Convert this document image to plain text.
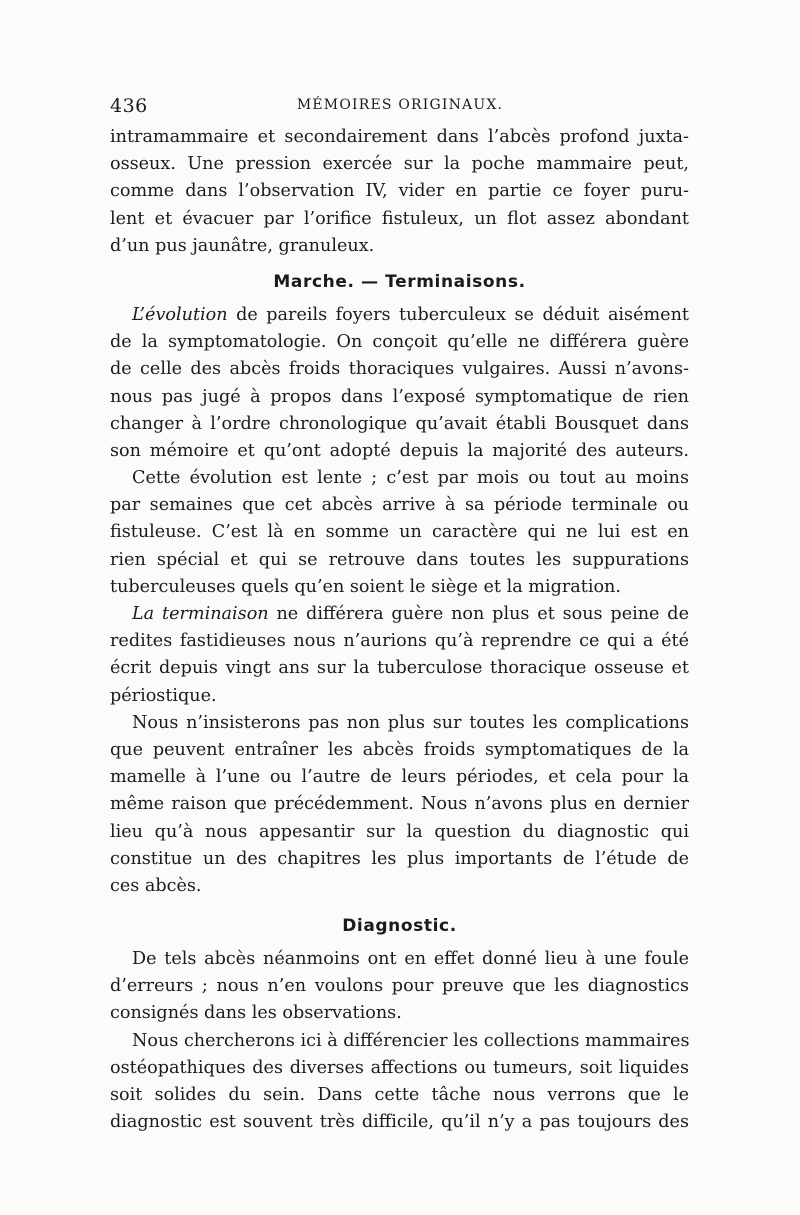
436	MÉMOIRES ORIGINAUX.
intramammaire et secondairement dans l’abcès profond juxta-
osseux. Une pression exercée sur la poche mammaire peut,
comme dans l’observation IV, vider en partie ce foyer puru-
lent et évacuer par l’orifice fistuleux, un flot assez abondant
d’un pus jaunâtre, granuleux.
Marche. — Terminaisons.
L’évolution de pareils foyers tuberculeux se déduit aisément
de la symptomatologie. On conçoit qu’elle ne différera guère
de celle des abcès froids thoraciques vulgaires. Aussi n’avons-
nous pas jugé à propos dans l’exposé symptomatique de rien
changer à l’ordre chronologique qu’avait établi Bousquet dans
son mémoire et qu’ont adopté depuis la majorité des auteurs.
Cette évolution est lente ; c’est par mois ou tout au moins
par semaines que cet abcès arrive à sa période terminale ou
fistuleuse. C’est là en somme un caractère qui ne lui est en
rien spécial et qui se retrouve dans toutes les suppurations
tuberculeuses quels qu’en soient le siège et la migration.
La terminaison ne différera guère non plus et sous peine de
redites fastidieuses nous n’aurions qu’à reprendre ce qui a été
écrit depuis vingt ans sur la tuberculose thoracique osseuse et
périostique.
Nous n’insisterons pas non plus sur toutes les complications
que peuvent entraîner les abcès froids symptomatiques de la
mamelle à l’une ou l’autre de leurs périodes, et cela pour la
même raison que précédemment. Nous n’avons plus en dernier
lieu qu’à nous appesantir sur la question du diagnostic qui
constitue un des chapitres les plus importants de l’étude de
ces abcès.
Diagnostic.
De tels abcès néanmoins ont en effet donné lieu à une foule
d’erreurs ; nous n’en voulons pour preuve que les diagnostics
consignés dans les observations.
Nous chercherons ici à différencier les collections mammaires
ostéopathiques des diverses affections ou tumeurs, soit liquides
soit solides du sein. Dans cette tâche nous verrons que le
diagnostic est souvent très difficile, qu’il n’y a pas toujours des
